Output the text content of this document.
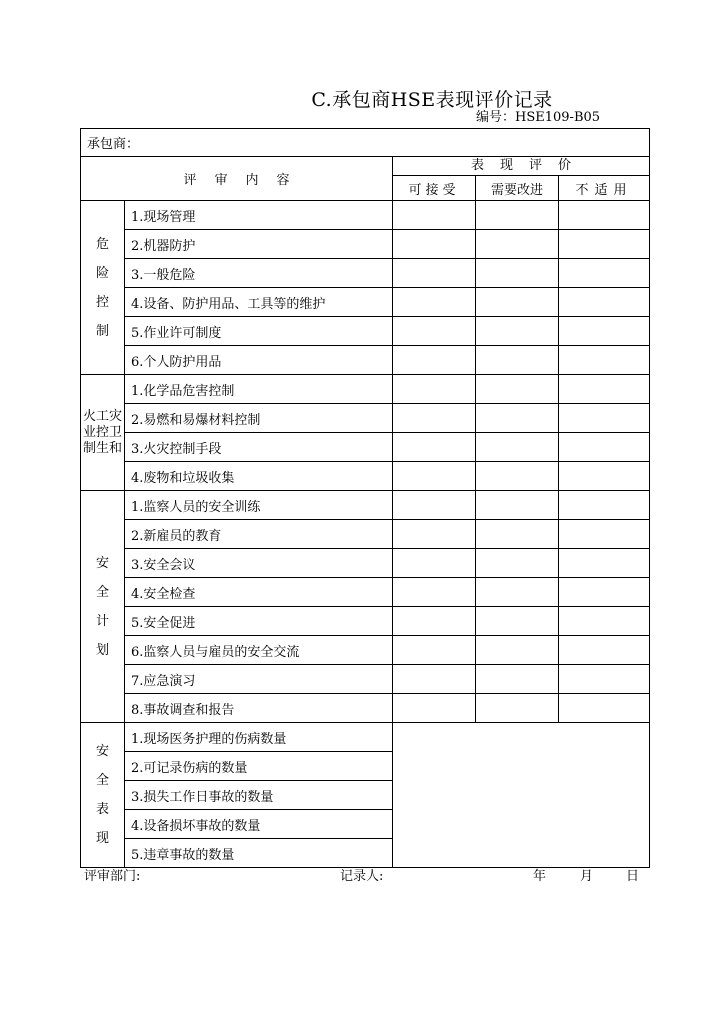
C.承包商HSE表现评价记录
编号：HSE109-B05
承包商：				
评审内容		表现评价		
		可接受	需要改进	不适用
危险控制	1.现场管理			
	2.机器防护			
	3.一般危险			
	4.设备、防护用品、工具等的维护			
	5.作业许可制度			
	6.个人防护用品			
火工灾业控卫制生和	1.化学品危害控制			
	2.易燃和易爆材料控制			
	3.火灾控制手段			
	4.废物和垃圾收集			
安全计划	1.监察人员的安全训练			
	2.新雇员的教育			
	3.安全会议			
	4.安全检查			
	5.安全促进			
	6.监察人员与雇员的安全交流			
	7.应急演习			
	8.事故调查和报告			
安全表现	1.现场医务护理的伤病数量			
	2.可记录伤病的数量			
	3.损失工作日事故的数量			
	4.设备损坏事故的数量			
	5.违章事故的数量			
评审部门:	记录人:	年	月	日
